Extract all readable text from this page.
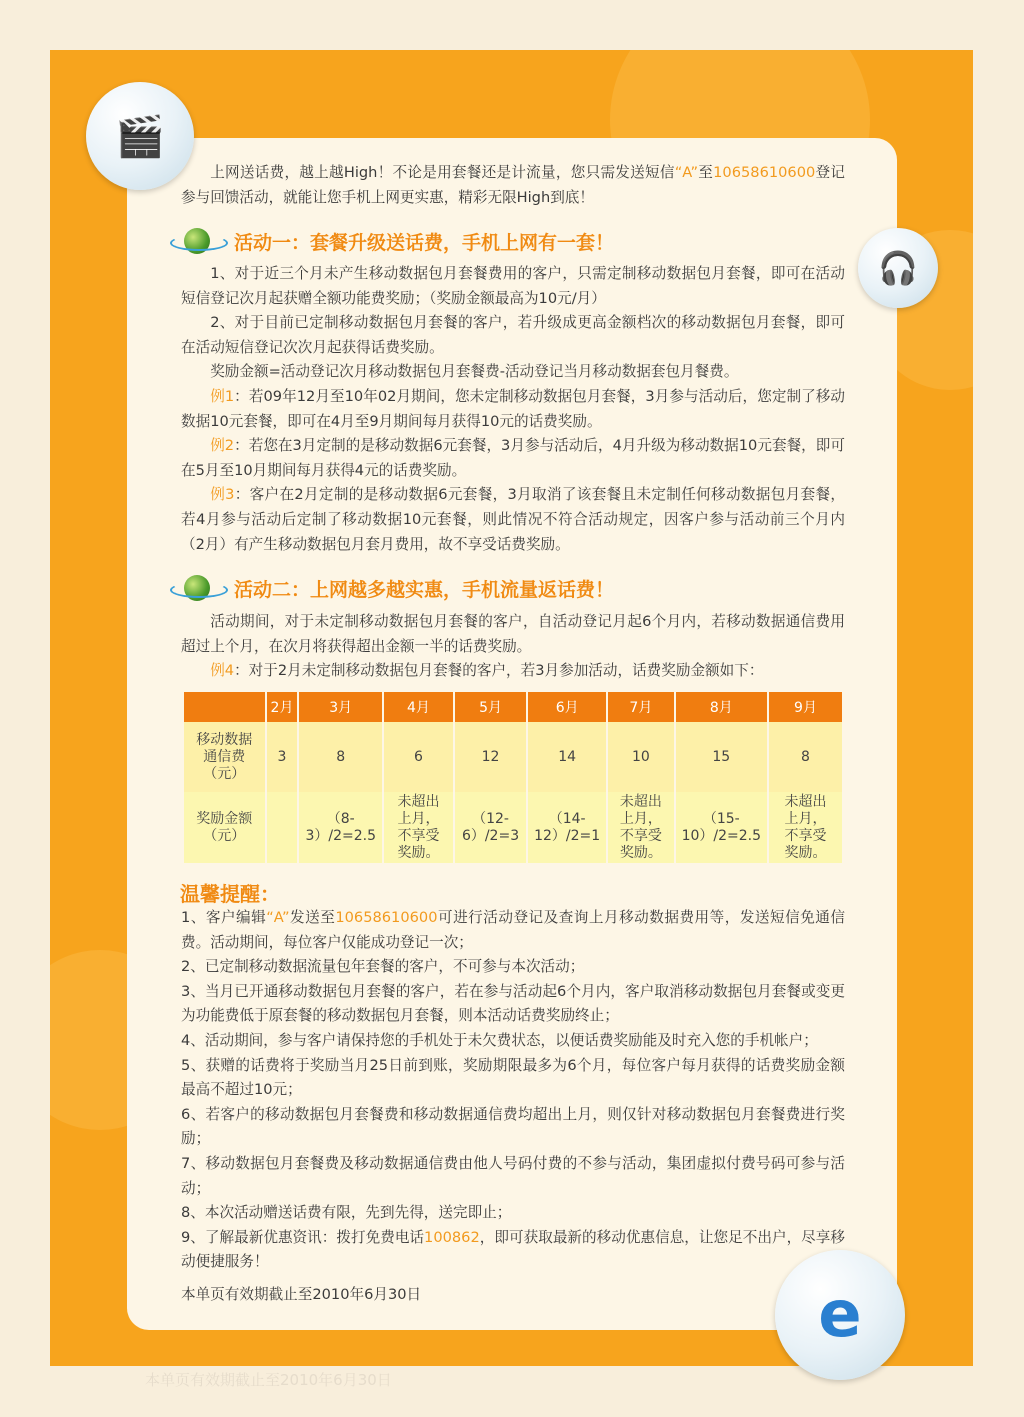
🎬
🎧
e
上网送话费，越上越High！不论是用套餐还是计流量，您只需发送短信“A”至10658610600登记参与回馈活动，就能让您手机上网更实惠，精彩无限High到底！
活动一：套餐升级送话费，手机上网有一套！
1、对于近三个月未产生移动数据包月套餐费用的客户，只需定制移动数据包月套餐，即可在活动短信登记次月起获赠全额功能费奖励；（奖励金额最高为10元/月）
2、对于目前已定制移动数据包月套餐的客户，若升级成更高金额档次的移动数据包月套餐，即可在活动短信登记次次月起获得话费奖励。
奖励金额=活动登记次月移动数据包月套餐费-活动登记当月移动数据套包月餐费。
例1：若09年12月至10年02月期间，您未定制移动数据包月套餐，3月参与活动后，您定制了移动数据10元套餐，即可在4月至9月期间每月获得10元的话费奖励。
例2：若您在3月定制的是移动数据6元套餐，3月参与活动后，4月升级为移动数据10元套餐，即可在5月至10月期间每月获得4元的话费奖励。
例3：客户在2月定制的是移动数据6元套餐，3月取消了该套餐且未定制任何移动数据包月套餐，若4月参与活动后定制了移动数据10元套餐，则此情况不符合活动规定，因客户参与活动前三个月内（2月）有产生移动数据包月套月费用，故不享受话费奖励。
活动二：上网越多越实惠，手机流量返话费！
活动期间，对于未定制移动数据包月套餐的客户，自活动登记月起6个月内，若移动数据通信费用超过上个月，在次月将获得超出金额一半的话费奖励。
例4：对于2月未定制移动数据包月套餐的客户，若3月参加活动，话费奖励金额如下：
	2月	3月	4月	5月	6月	7月	8月	9月
移动数据通信费（元）	3	8	6	12	14	10	15	8
奖励金额（元）		（8-3）/2=2.5	未超出上月，不享受奖励。	（12-6）/2=3	（14-12）/2=1	未超出上月，不享受奖励。	（15-10）/2=2.5	未超出上月，不享受奖励。
温馨提醒：
1、客户编辑“A”发送至10658610600可进行活动登记及查询上月移动数据费用等，发送短信免通信费。活动期间，每位客户仅能成功登记一次；
2、已定制移动数据流量包年套餐的客户，不可参与本次活动；
3、当月已开通移动数据包月套餐的客户，若在参与活动起6个月内，客户取消移动数据包月套餐或变更为功能费低于原套餐的移动数据包月套餐，则本活动话费奖励终止；
4、活动期间，参与客户请保持您的手机处于未欠费状态，以便话费奖励能及时充入您的手机帐户；
5、获赠的话费将于奖励当月25日前到账，奖励期限最多为6个月，每位客户每月获得的话费奖励金额最高不超过10元；
6、若客户的移动数据包月套餐费和移动数据通信费均超出上月，则仅针对移动数据包月套餐费进行奖励；
7、移动数据包月套餐费及移动数据通信费由他人号码付费的不参与活动，集团虚拟付费号码可参与活动；
8、本次活动赠送话费有限，先到先得，送完即止；
9、了解最新优惠资讯：拨打免费电话100862，即可获取最新的移动优惠信息，让您足不出户，尽享移动便捷服务！
本单页有效期截止至2010年6月30日
本单页有效期截止至2010年6月30日
